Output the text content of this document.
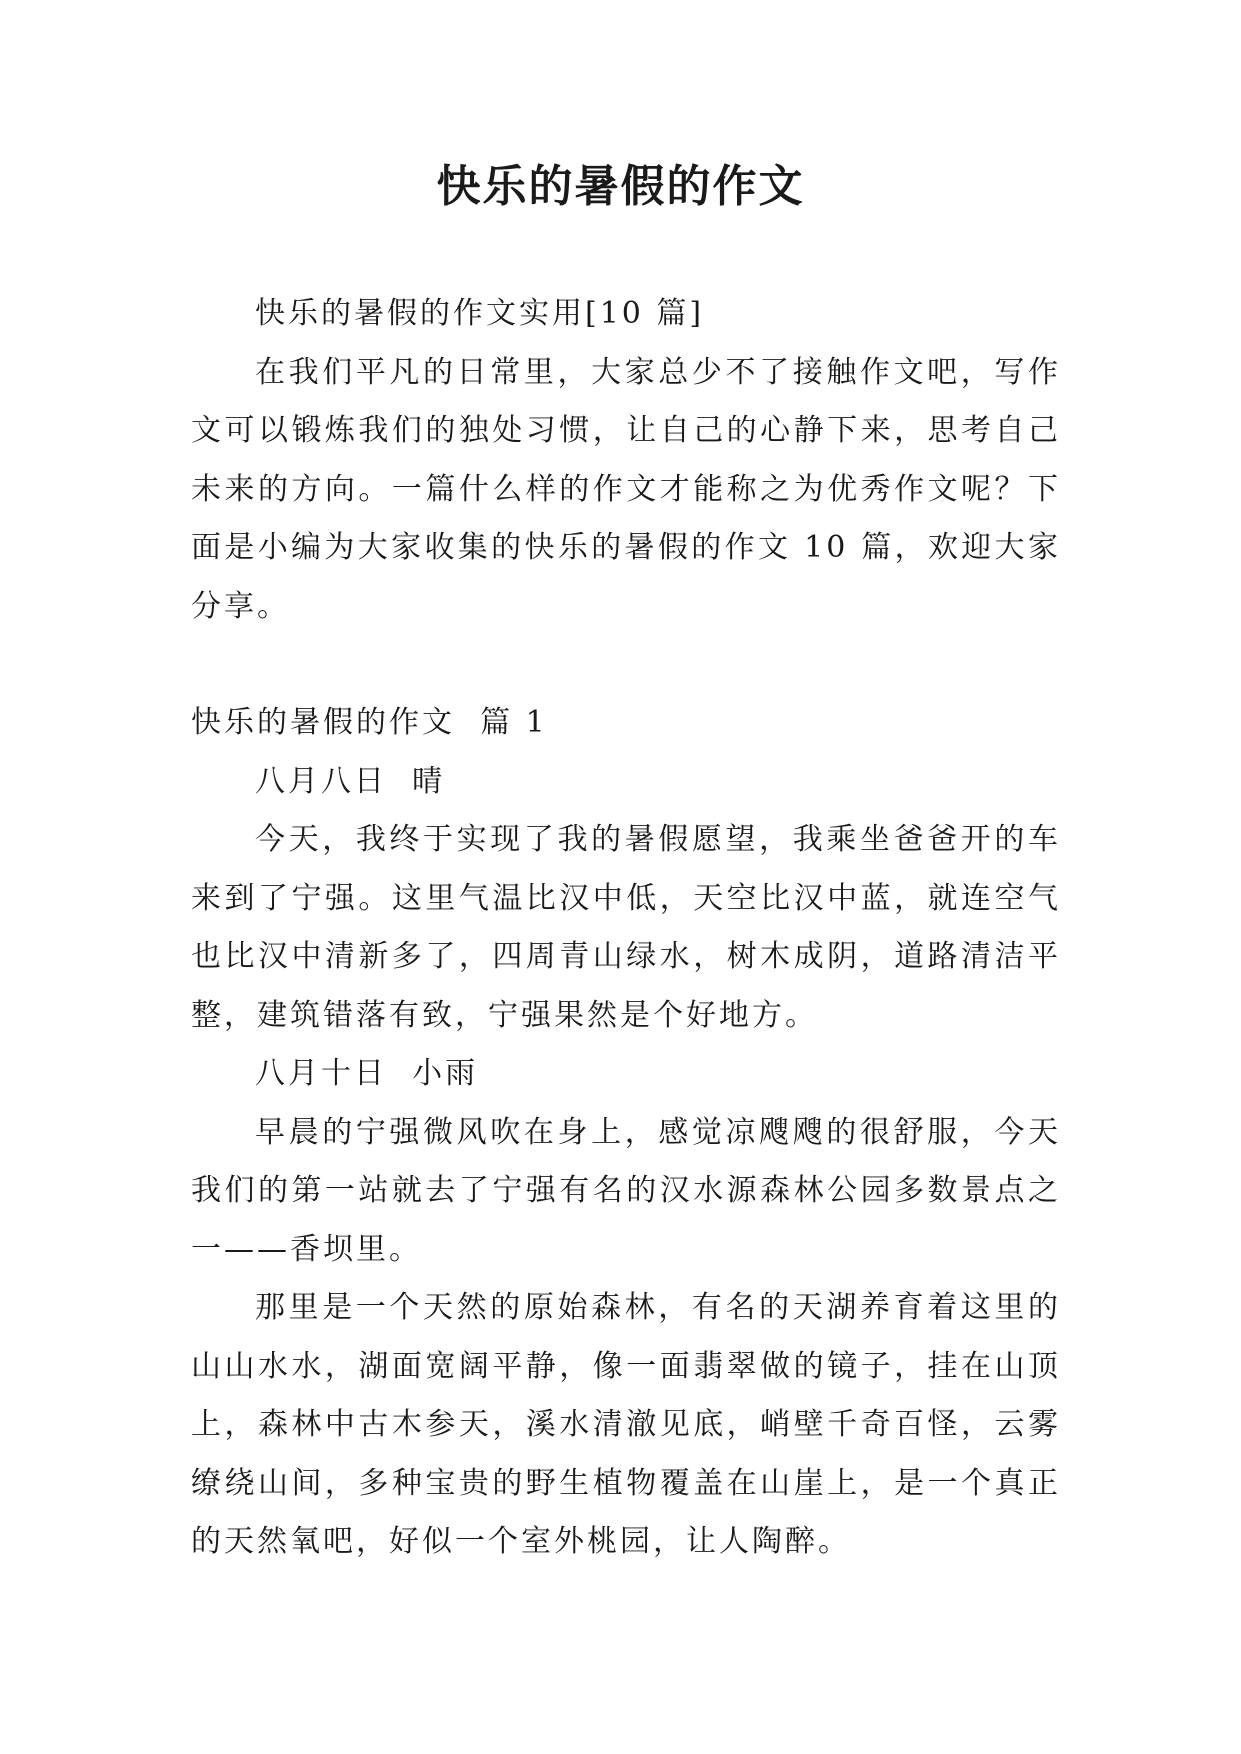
快乐的暑假的作文

快乐的暑假的作文实用[10 篇]

在我们平凡的日常里，大家总少不了接触作文吧，写作文可以锻炼我们的独处习惯，让自己的心静下来，思考自己未来的方向。一篇什么样的作文才能称之为优秀作文呢？下面是小编为大家收集的快乐的暑假的作文 10 篇，欢迎大家分享。

快乐的暑假的作文  篇 1

八月八日  晴

今天，我终于实现了我的暑假愿望，我乘坐爸爸开的车来到了宁强。这里气温比汉中低，天空比汉中蓝，就连空气也比汉中清新多了，四周青山绿水，树木成阴，道路清洁平整，建筑错落有致，宁强果然是个好地方。

八月十日  小雨

早晨的宁强微风吹在身上，感觉凉飕飕的很舒服，今天我们的第一站就去了宁强有名的汉水源森林公园多数景点之一——香坝里。

那里是一个天然的原始森林，有名的天湖养育着这里的山山水水，湖面宽阔平静，像一面翡翠做的镜子，挂在山顶上，森林中古木参天，溪水清澈见底，峭壁千奇百怪，云雾缭绕山间，多种宝贵的野生植物覆盖在山崖上，是一个真正的天然氧吧，好似一个室外桃园，让人陶醉。
